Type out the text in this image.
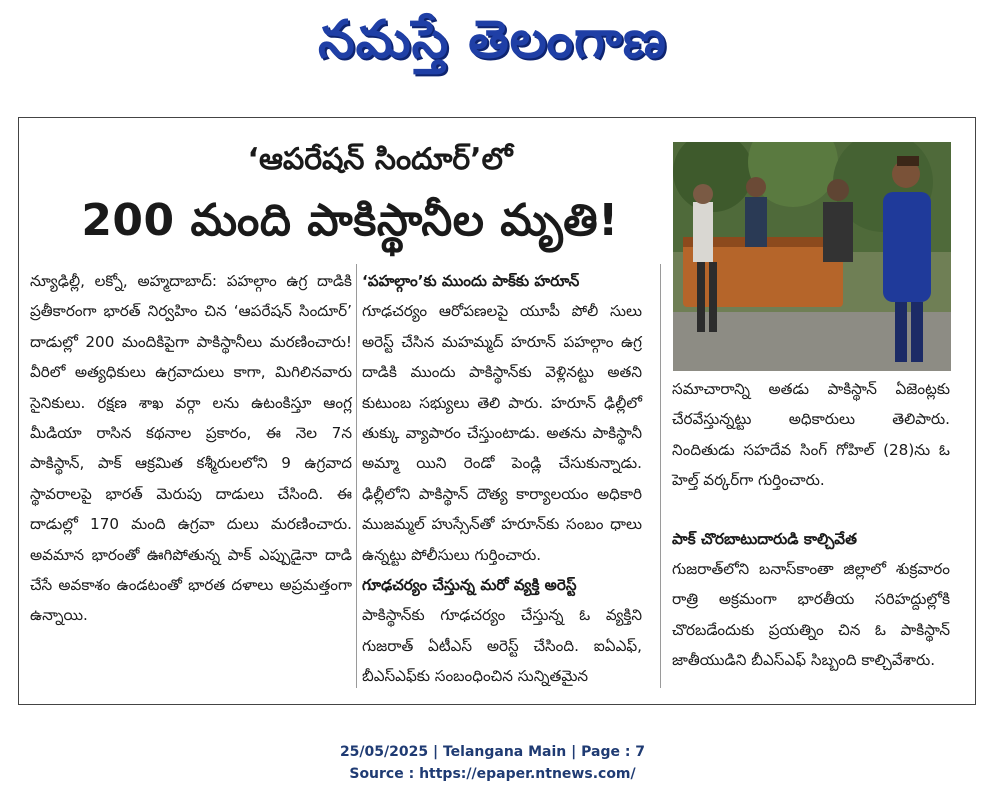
నమస్తే తెలంగాణ
‘ఆపరేషన్ సిందూర్’లో
200 మంది పాకిస్థానీల మృతి!

న్యూఢిల్లీ, లక్నో, అహ్మదాబాద్: పహల్గాం ఉగ్ర దాడికి ప్రతీకారంగా భారత్ నిర్వహిం చిన ‘ఆపరేషన్ సిందూర్’ దాడుల్లో 200 మందికిపైగా పాకిస్థానీలు మరణించారు! వీరిలో అత్యధికులు ఉగ్రవాదులు కాగా, మిగిలినవారు సైనికులు. రక్షణ శాఖ వర్గా లను ఉటంకిస్తూ ఆంగ్ల మీడియా రాసిన కథనాల ప్రకారం, ఈ నెల 7న పాకిస్థాన్, పాక్ ఆక్రమిత కశ్మీరులలోని 9 ఉగ్రవాద స్థావరాలపై భారత్ మెరుపు దాడులు చేసింది. ఈ దాడుల్లో 170 మంది ఉగ్రవా దులు మరణించారు. అవమాన భారంతో ఊగిపోతున్న పాక్ ఎప్పుడైనా దాడి చేసే అవకాశం ఉండటంతో భారత దళాలు అప్రమత్తంగా ఉన్నాయి.

‘పహల్గాం’కు ముందు పాక్‌కు హరూన్

గూఢచర్యం ఆరోపణలపై యూపీ పోలీ సులు అరెస్ట్ చేసిన మహమ్మద్ హరూన్ పహల్గాం ఉగ్ర దాడికి ముందు పాకిస్థాన్‌కు వెళ్లినట్టు అతని కుటుంబ సభ్యులు తెలి పారు. హరూన్ ఢిల్లీలో తుక్కు వ్యాపారం చేస్తుంటాడు. అతను పాకిస్థానీ అమ్మా యిని రెండో పెండ్లి చేసుకున్నాడు. ఢిల్లీలోని పాకిస్థాన్ దౌత్య కార్యాలయం అధికారి ముజమ్మల్ హుస్సేన్‌తో హరూన్‌కు సంబం ధాలు ఉన్నట్టు పోలీసులు గుర్తించారు.

గూఢచర్యం చేస్తున్న మరో వ్యక్తి అరెస్ట్

పాకిస్థాన్‌కు గూఢచర్యం చేస్తున్న ఓ వ్యక్తిని గుజరాత్ ఏటీఎస్ అరెస్ట్ చేసింది. ఐఏఎఫ్, బీఎస్ఎఫ్‌కు సంబంధించిన సున్నితమైన

సమాచారాన్ని అతడు పాకిస్థాన్ ఏజెంట్లకు చేరవేస్తున్నట్టు అధికారులు తెలిపారు. నిందితుడు సహదేవ సింగ్ గోహిల్ (28)ను ఓ హెల్త్ వర్కర్‌గా గుర్తించారు.

పాక్ చొరబాటుదారుడి కాల్చివేత

గుజరాత్‌లోని బనాస్‌కాంతా జిల్లాలో శుక్రవారం రాత్రి అక్రమంగా భారతీయ సరిహద్దుల్లోకి చొరబడేందుకు ప్రయత్నిం చిన ఓ పాకిస్థాన్ జాతీయుడిని బీఎస్ఎఫ్ సిబ్బంది కాల్చివేశారు.

25/05/2025 | Telangana Main | Page : 7
Source : https://epaper.ntnews.com/
